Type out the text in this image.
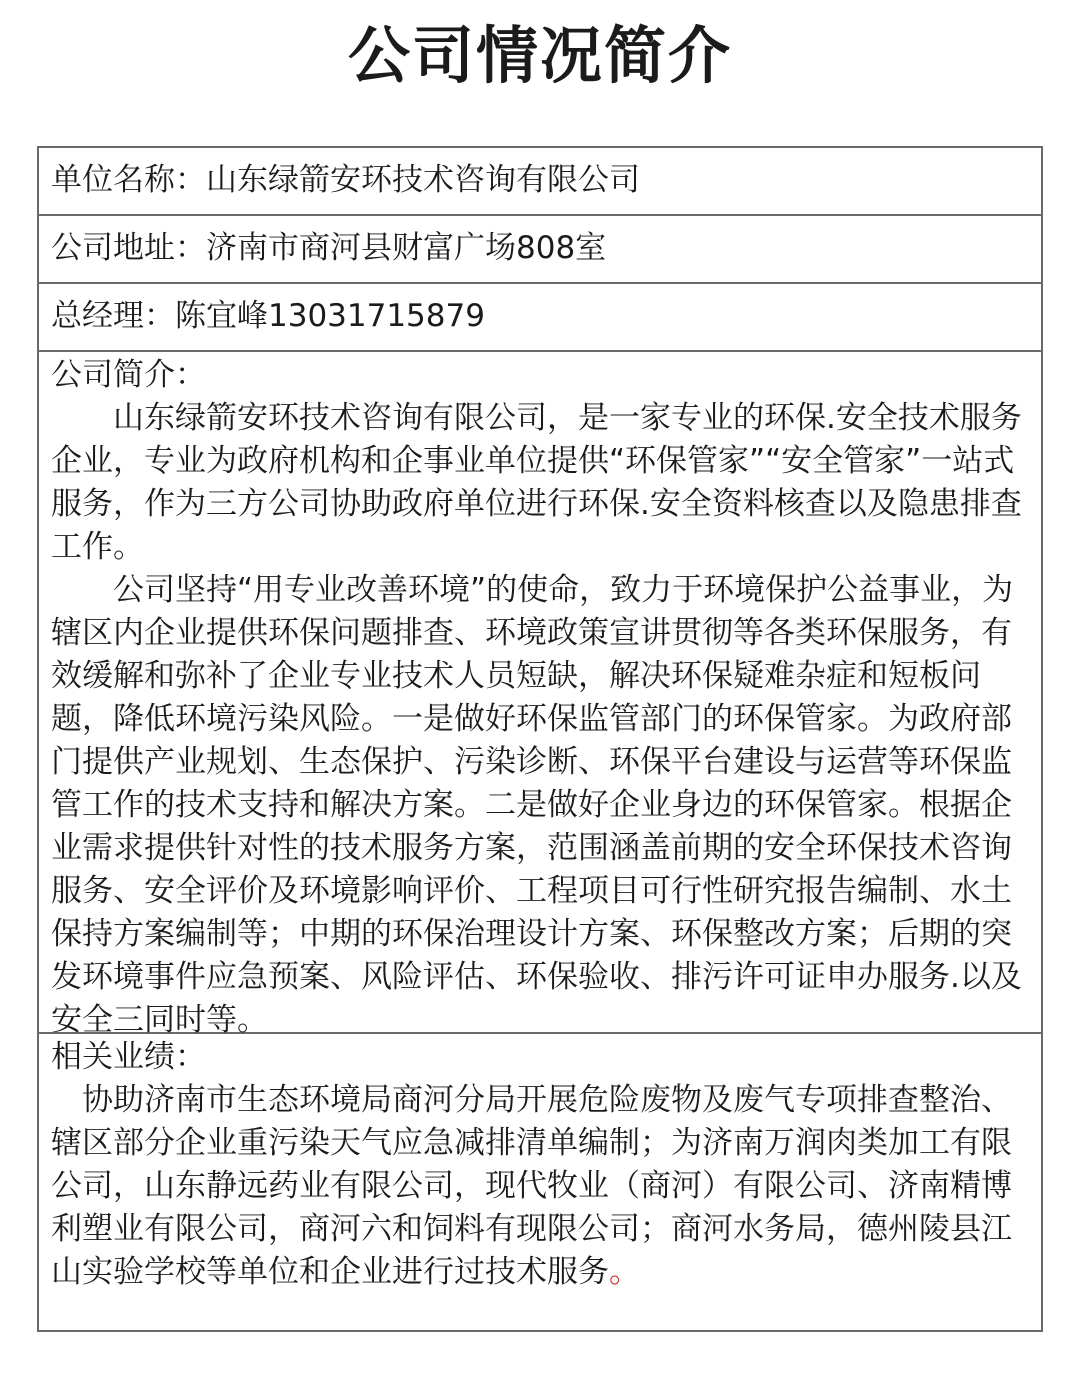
公司情况简介
单位名称：山东绿箭安环技术咨询有限公司
公司地址：济南市商河县财富广场808室
总经理：陈宜峰13031715879
公司简介：

山东绿箭安环技术咨询有限公司，是一家专业的环保.安全技术服务企业，专业为政府机构和企事业单位提供“环保管家”“安全管家”一站式服务，作为三方公司协助政府单位进行环保.安全资料核查以及隐患排查工作。

公司坚持“用专业改善环境”的使命，致力于环境保护公益事业，为辖区内企业提供环保问题排查、环境政策宣讲贯彻等各类环保服务，有效缓解和弥补了企业专业技术人员短缺，解决环保疑难杂症和短板问题，降低环境污染风险。一是做好环保监管部门的环保管家。为政府部门提供产业规划、生态保护、污染诊断、环保平台建设与运营等环保监管工作的技术支持和解决方案。二是做好企业身边的环保管家。根据企业需求提供针对性的技术服务方案，范围涵盖前期的安全环保技术咨询服务、安全评价及环境影响评价、工程项目可行性研究报告编制、水土保持方案编制等；中期的环保治理设计方案、环保整改方案；后期的突发环境事件应急预案、风险评估、环保验收、排污许可证申办服务.以及安全三同时等。

相关业绩：

协助济南市生态环境局商河分局开展危险废物及废气专项排查整治、辖区部分企业重污染天气应急减排清单编制；为济南万润肉类加工有限公司，山东静远药业有限公司，现代牧业（商河）有限公司、济南精博利塑业有限公司，商河六和饲料有现限公司；商河水务局，德州陵县江山实验学校等单位和企业进行过技术服务。
